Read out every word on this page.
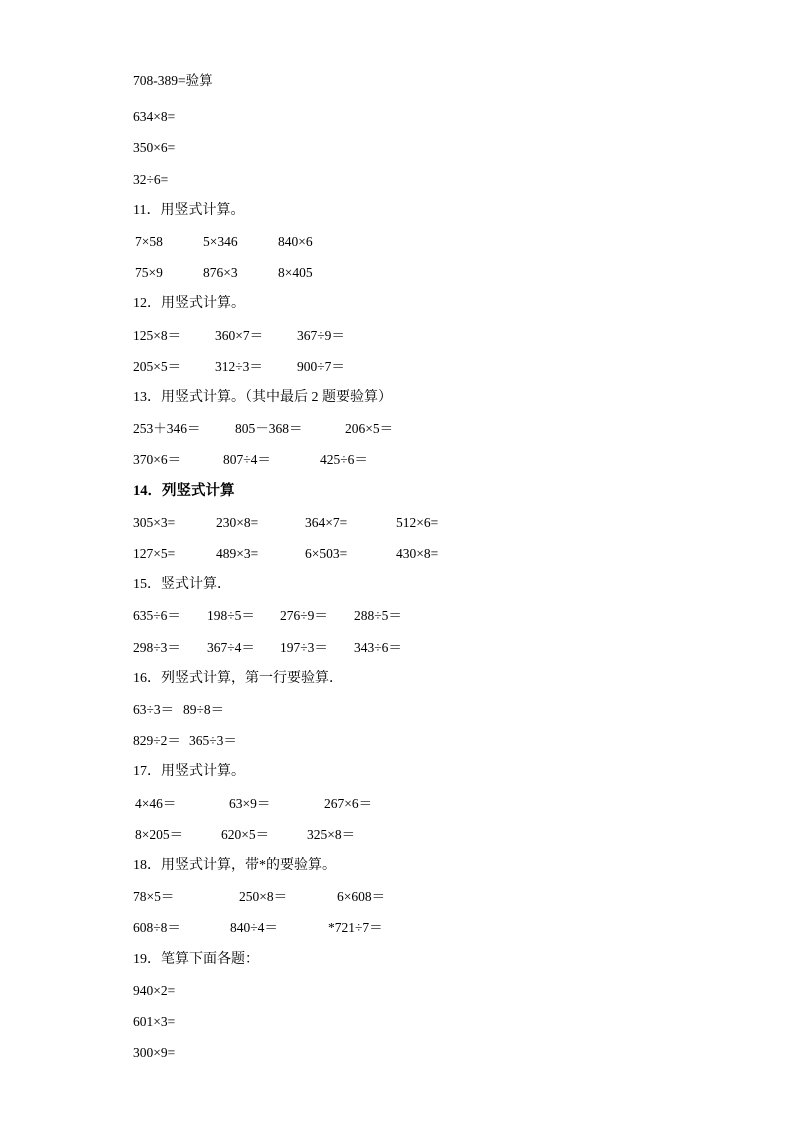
708-389=验算
634×8=
350×6=
32÷6=
11．用竖式计算。
7×58	5×346	840×6
75×9	876×3	8×405
12．用竖式计算。
125×8＝	360×7＝	367÷9＝
205×5＝	312÷3＝	900÷7＝
13．用竖式计算。（其中最后 2 题要验算）
253＋346＝	805－368＝	206×5＝
370×6＝	807÷4＝	425÷6＝
14．列竖式计算
305×3=	230×8=	364×7=	512×6=
127×5=	489×3=	6×503=	430×8=
15．竖式计算．
635÷6＝ 198÷5＝ 276÷9＝ 288÷5＝
298÷3＝ 367÷4＝ 197÷3＝ 343÷6＝
16．列竖式计算，第一行要验算．
63÷3＝ 89÷8＝
829÷2＝ 365÷3＝
17．用竖式计算。
4×46＝	63×9＝	267×6＝
8×205＝	620×5＝	325×8＝
18．用竖式计算，带*的要验算。
78×5＝	250×8＝	6×608＝
608÷8＝	840÷4＝	*721÷7＝
19．笔算下面各题：
940×2=
601×3=
300×9=
